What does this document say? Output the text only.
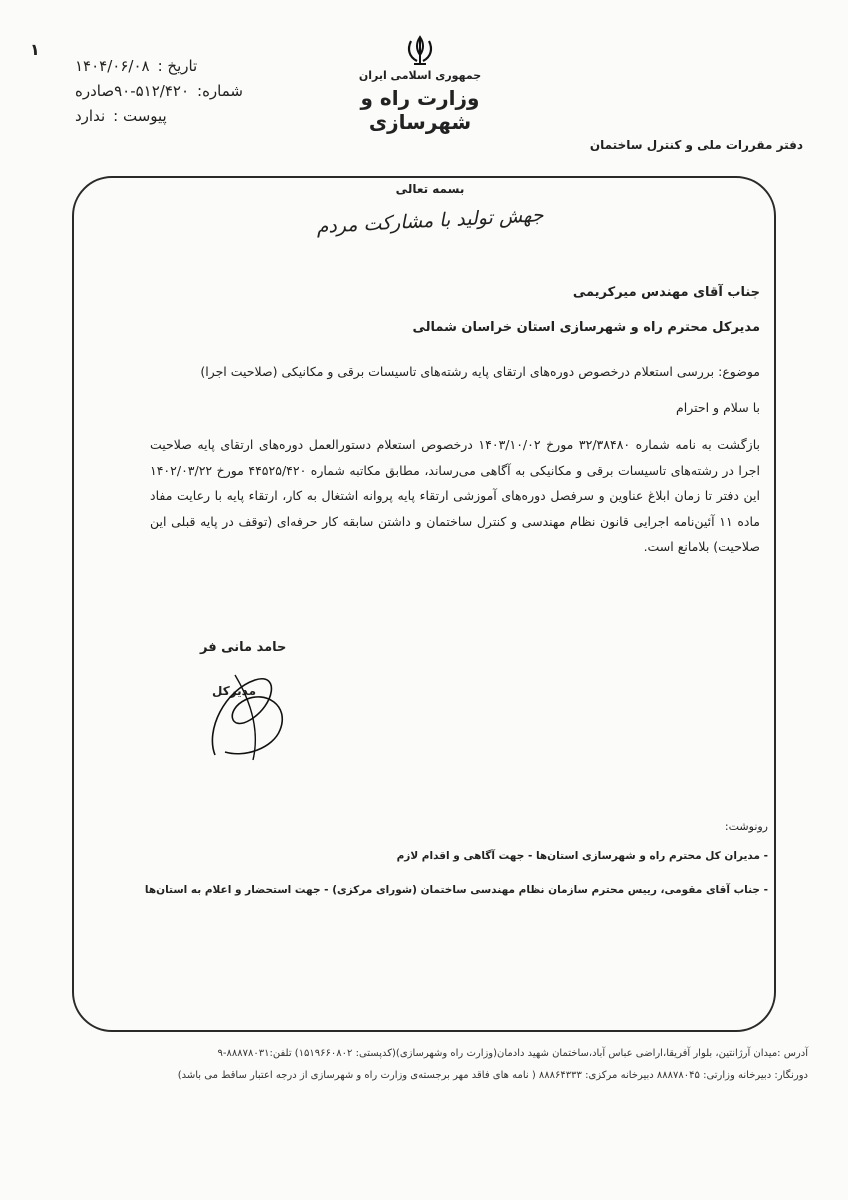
۱
تاریخ :
۱۴۰۴/۰۶/۰۸
شماره:
۹۰-۵۱۲/۴۲۰صادره
پیوست :
ندارد
جمهوری اسلامی ایران
وزارت راه و شهرسازی
دفتر مقررات ملی و کنترل ساختمان
بسمه تعالی
جهش تولید با مشارکت مردم
جناب آقای مهندس میرکریمی
مدیرکل محترم راه و شهرسازی استان خراسان شمالی
موضوع: بررسی استعلام درخصوص دوره‌های ارتقای پایه رشته‌های تاسیسات برقی و مکانیکی (صلاحیت اجرا)
با سلام و احترام
بازگشت به نامه شماره ۳۲/۳۸۴۸۰ مورخ ۱۴۰۳/۱۰/۰۲ درخصوص استعلام دستورالعمل دوره‌های ارتقای پایه صلاحیت اجرا در رشته‌های تاسیسات برقی و مکانیکی به آگاهی می‌رساند، مطابق مکاتبه شماره ۴۴۵۲۵/۴۲۰ مورخ ۱۴۰۲/۰۳/۲۲ این دفتر تا زمان ابلاغ عناوین و سرفصل دوره‌های آموزشی ارتقاء پایه پروانه اشتغال به کار، ارتقاء پایه با رعایت مفاد ماده ۱۱ آئین‌نامه اجرایی قانون نظام مهندسی و کنترل ساختمان و داشتن سابقه کار حرفه‌ای (توقف در پایه قبلی این صلاحیت) بلامانع است.
حامد مانی فر
مدیرکل
رونوشت:
- مدیران کل محترم راه و شهرسازی استان‌ها - جهت آگاهی و اقدام لازم
- جناب آقای مقومی، رییس محترم سازمان نظام مهندسی ساختمان (شورای مرکزی) - جهت استحضار و اعلام به استان‌ها
آدرس :میدان آرژانتین، بلوار آفریقا،اراضی عباس آباد،ساختمان شهید دادمان(وزارت راه وشهرسازی)(کدپستی: ۱۵۱۹۶۶۰۸۰۲) تلفن:۸۸۸۷۸۰۳۱-۹
دورنگار: دبیرخانه وزارتی: ۸۸۸۷۸۰۴۵ دبیرخانه مرکزی: ۸۸۸۶۴۳۳۳ ( نامه های فاقد مهر برجسته‌ی وزارت راه و شهرسازی از درجه اعتبار ساقط می باشد)
